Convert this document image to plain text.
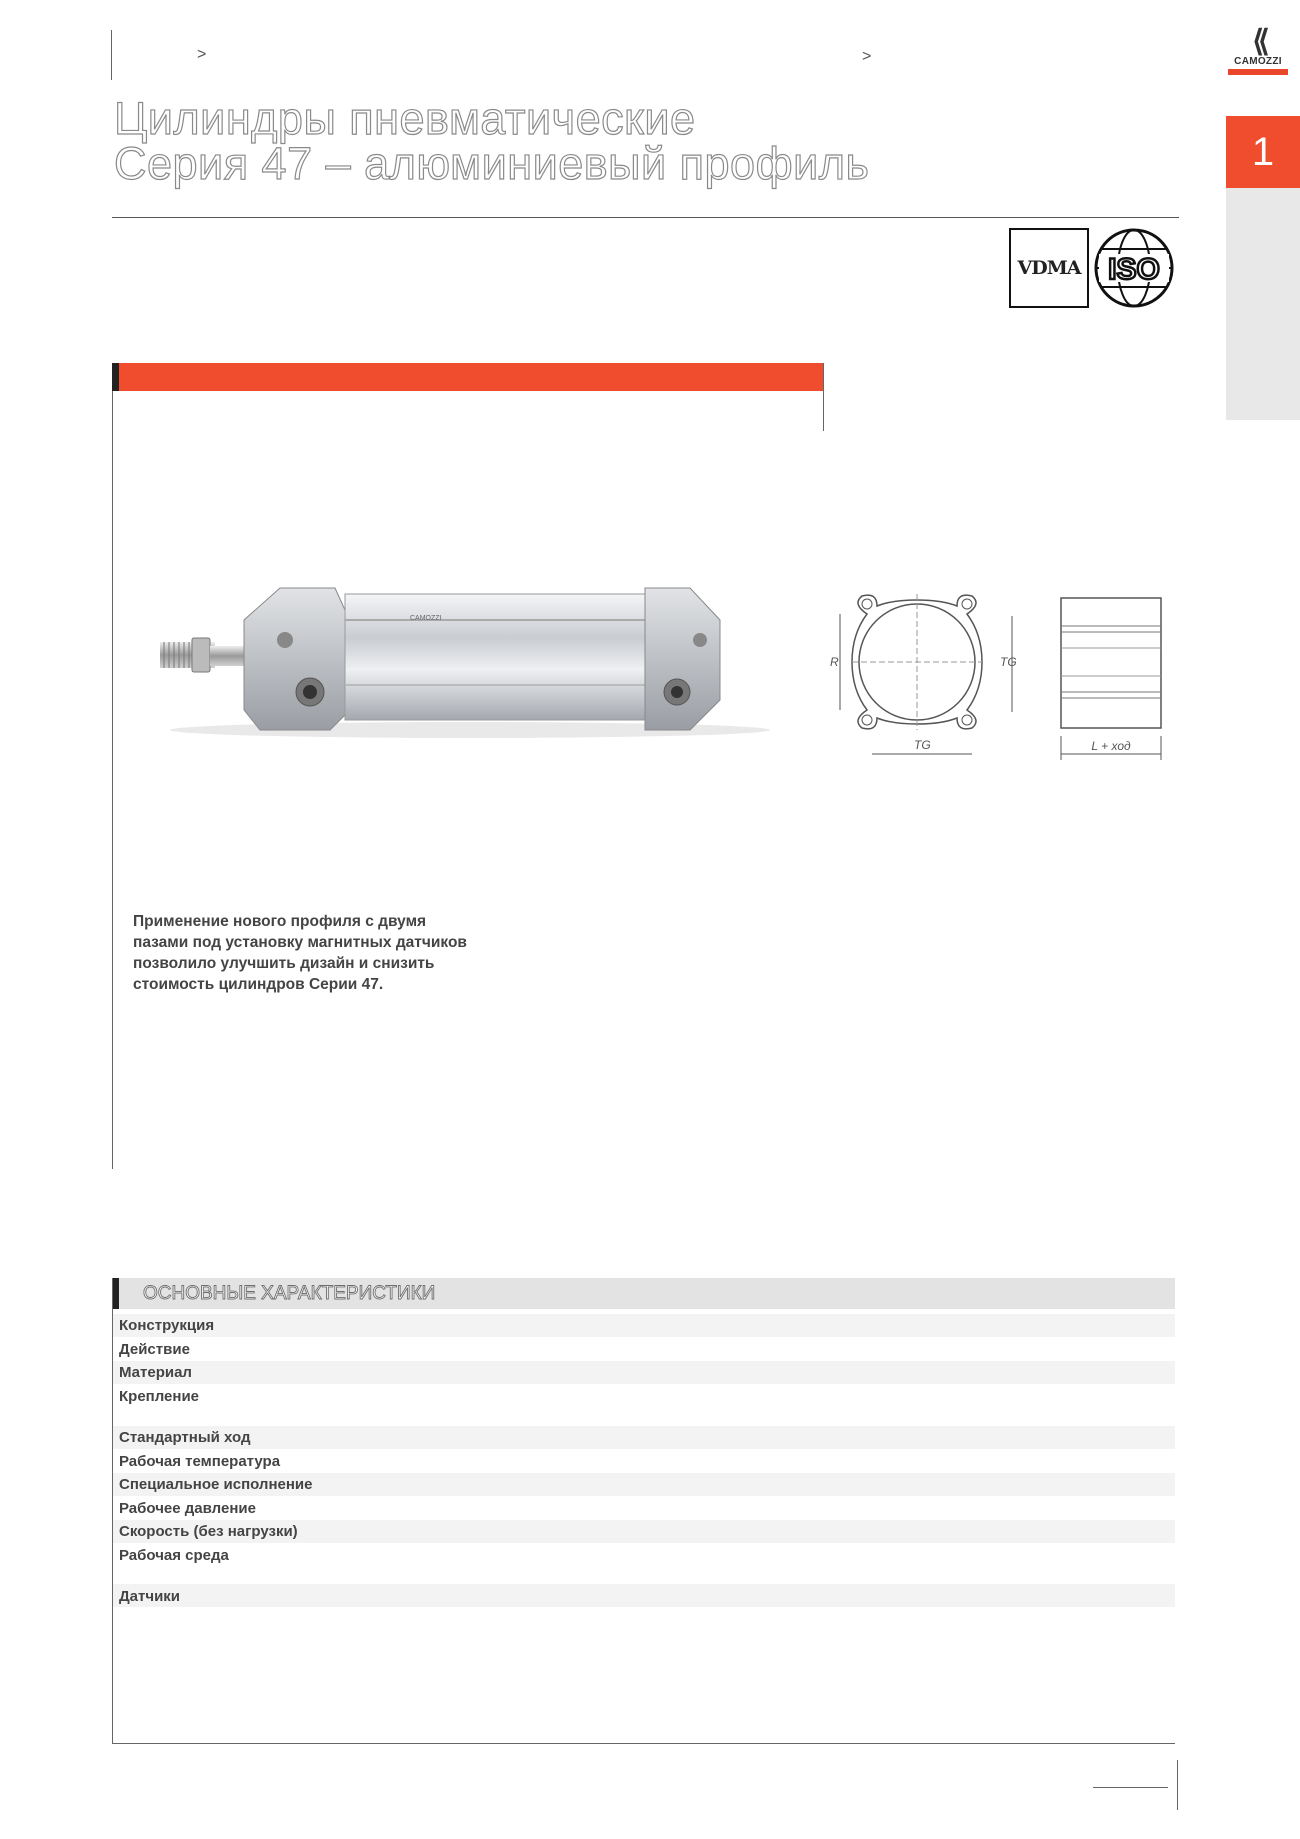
>	>
Цилиндры пневматические
Серия 47 – алюминиевый профиль
⟨⟨
CAMOZZI
1
VDMA ISO
CAMOZZI
R	TG
TG	L + ход
Применение нового профиля с двумя пазами под установку магнитных датчиков позволило улучшить дизайн и снизить стоимость цилиндров Серии 47.
ОСНОВНЫЕ ХАРАКТЕРИСТИКИ
Конструкция
Действие
Материал
Крепление
Стандартный ход
Рабочая температура
Специальное исполнение
Рабочее давление
Скорость (без нагрузки)
Рабочая среда
Датчики
